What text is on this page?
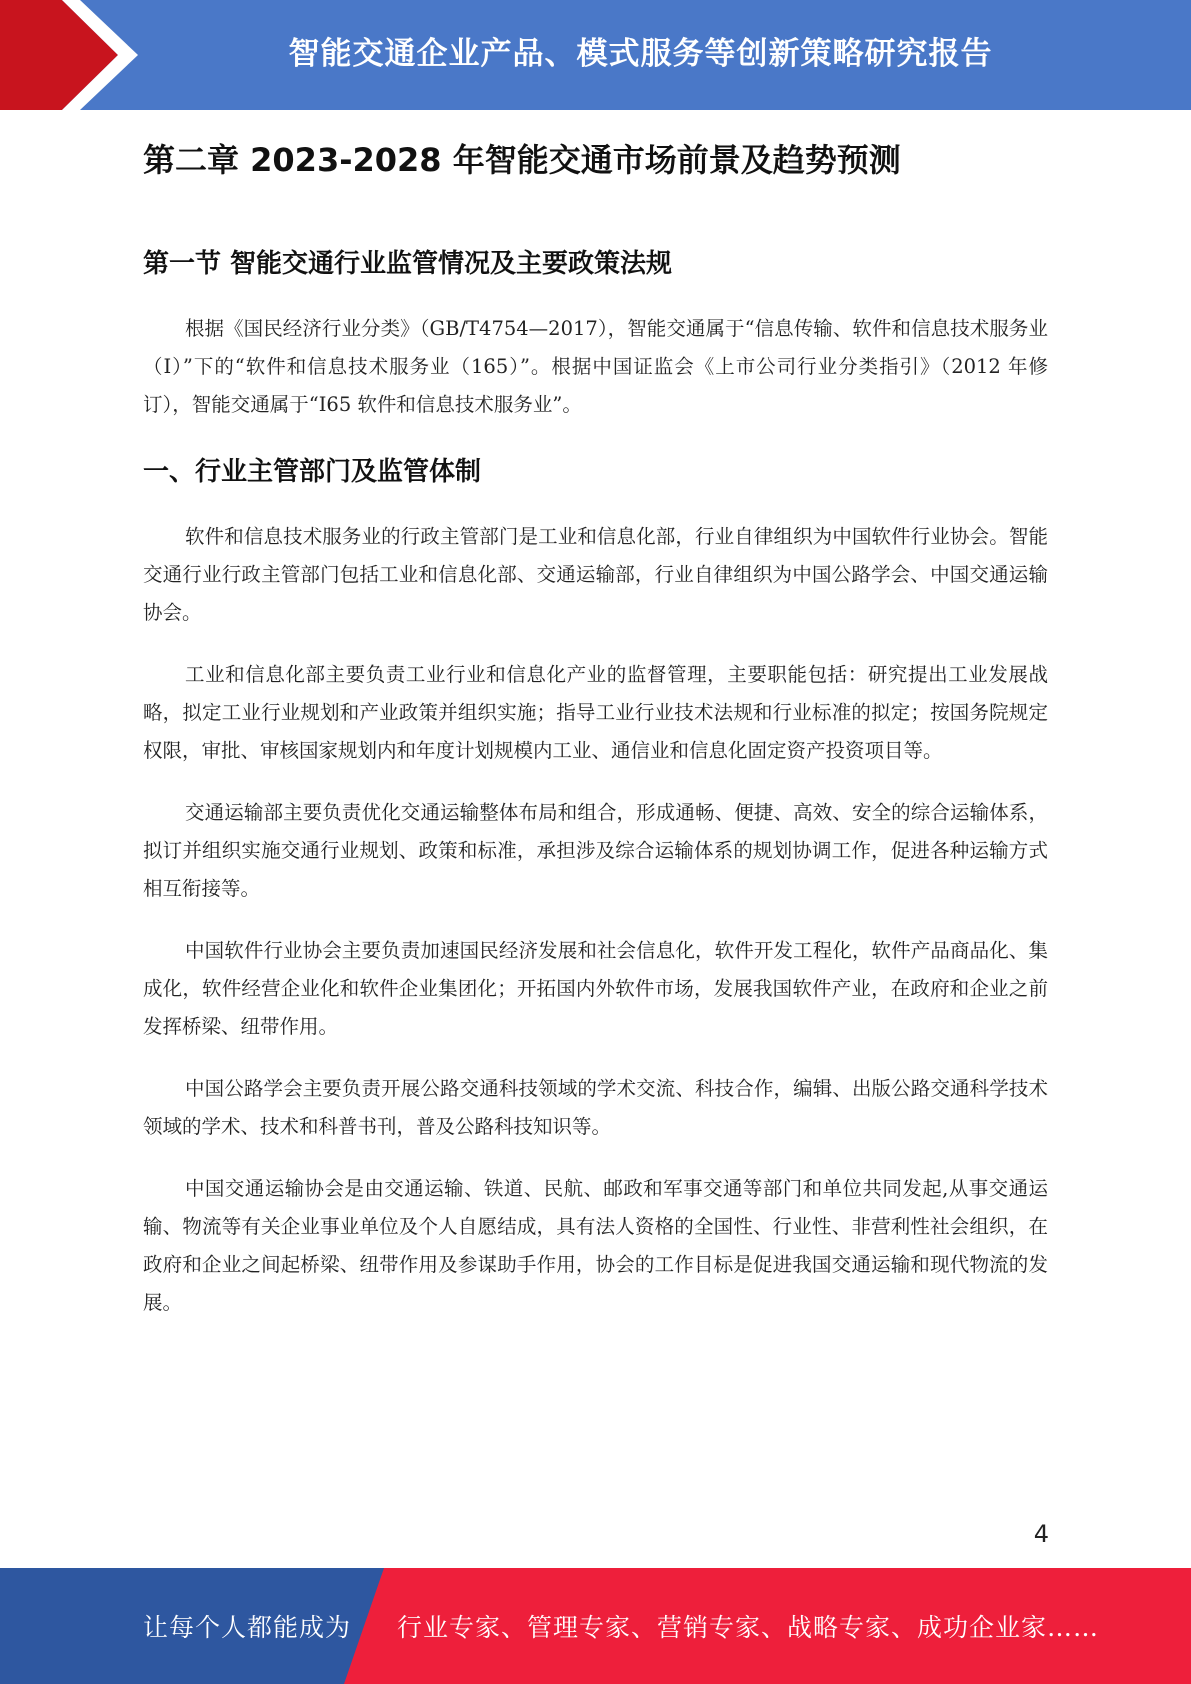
智能交通企业产品、模式服务等创新策略研究报告
第二章 2023-2028 年智能交通市场前景及趋势预测
第一节 智能交通行业监管情况及主要政策法规

根据《国民经济行业分类》（GB/T4754—2017），智能交通属于“信息传输、软件和信息技术服务业（I）”下的“软件和信息技术服务业（165）”。根据中国证监会《上市公司行业分类指引》（2012 年修订），智能交通属于“I65 软件和信息技术服务业”。

一、行业主管部门及监管体制

软件和信息技术服务业的行政主管部门是工业和信息化部，行业自律组织为中国软件行业协会。智能交通行业行政主管部门包括工业和信息化部、交通运输部，行业自律组织为中国公路学会、中国交通运输协会。

工业和信息化部主要负责工业行业和信息化产业的监督管理，主要职能包括：研究提出工业发展战略，拟定工业行业规划和产业政策并组织实施；指导工业行业技术法规和行业标准的拟定；按国务院规定权限，审批、审核国家规划内和年度计划规模内工业、通信业和信息化固定资产投资项目等。

交通运输部主要负责优化交通运输整体布局和组合，形成通畅、便捷、高效、安全的综合运输体系，拟订并组织实施交通行业规划、政策和标准，承担涉及综合运输体系的规划协调工作，促进各种运输方式相互衔接等。

中国软件行业协会主要负责加速国民经济发展和社会信息化，软件开发工程化，软件产品商品化、集成化，软件经营企业化和软件企业集团化；开拓国内外软件市场，发展我国软件产业，在政府和企业之前发挥桥梁、纽带作用。

中国公路学会主要负责开展公路交通科技领域的学术交流、科技合作，编辑、出版公路交通科学技术领域的学术、技术和科普书刊，普及公路科技知识等。

中国交通运输协会是由交通运输、铁道、民航、邮政和军事交通等部门和单位共同发起,从事交通运输、物流等有关企业事业单位及个人自愿结成，具有法人资格的全国性、行业性、非营利性社会组织，在政府和企业之间起桥梁、纽带作用及参谋助手作用，协会的工作目标是促进我国交通运输和现代物流的发展。

4
让每个人都能成为 行业专家、管理专家、营销专家、战略专家、成功企业家……
